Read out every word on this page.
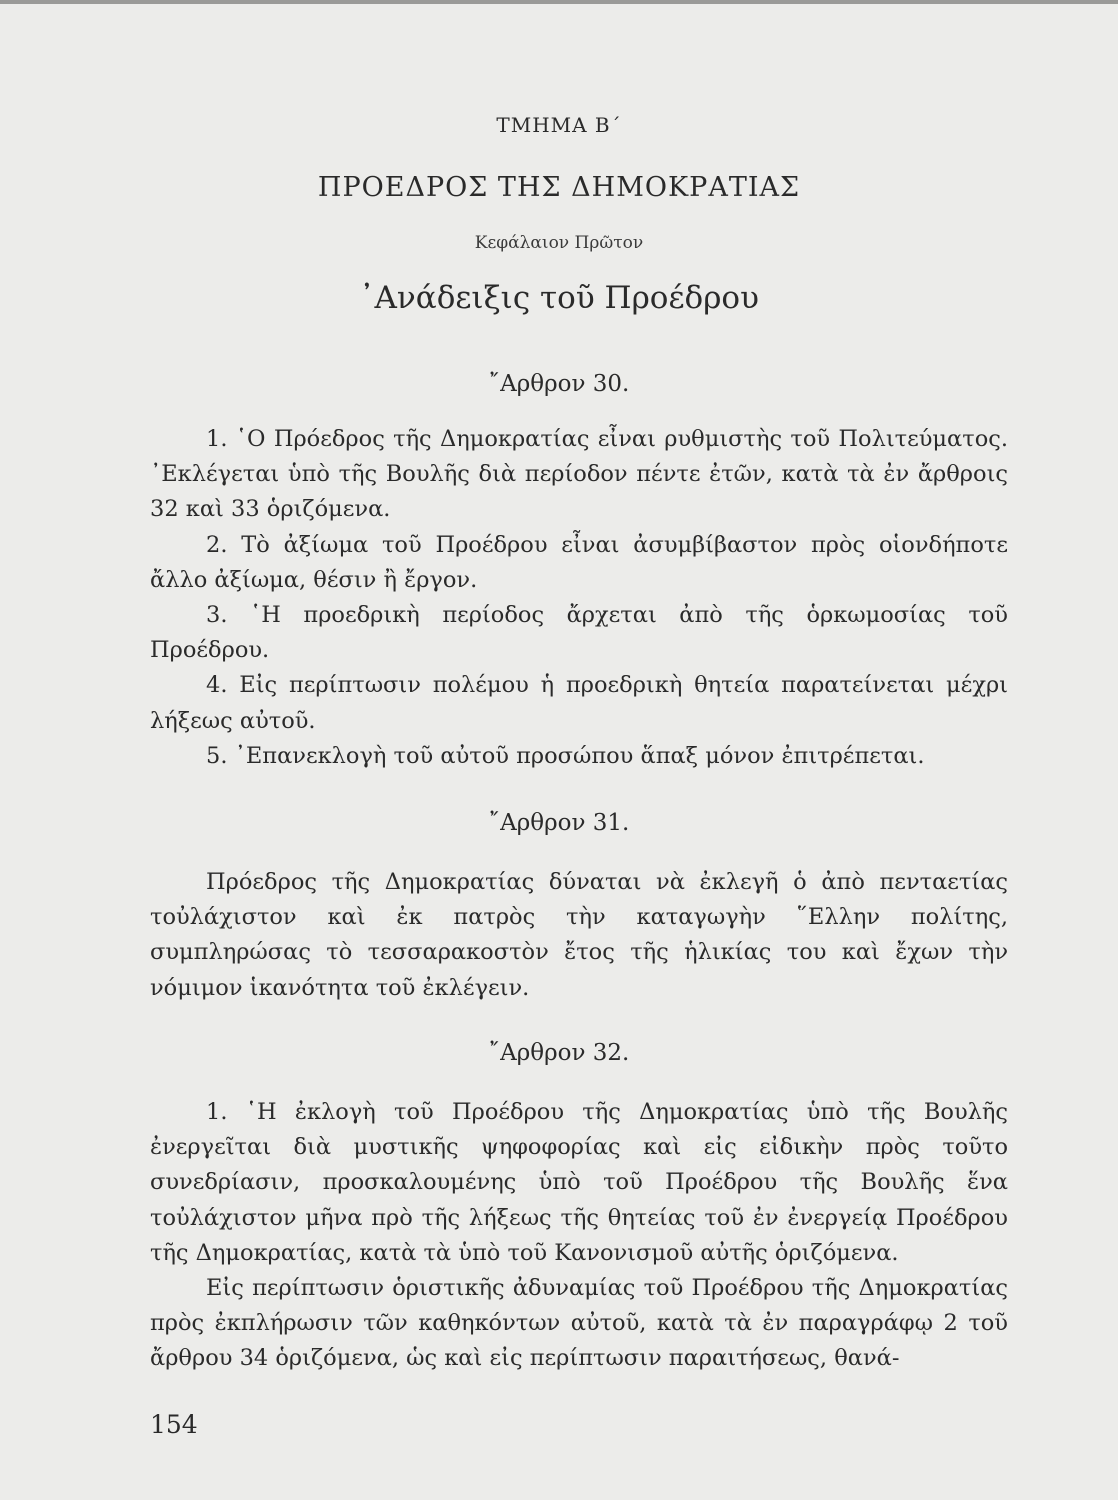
ΤΜΗΜΑ Β΄
ΠΡΟΕΔΡΟΣ ΤΗΣ ΔΗΜΟΚΡΑΤΙΑΣ
Κεφάλαιον Πρῶτον
᾿Ανάδειξις τοῦ Προέδρου
῎Αρθρον 30.

1. ῾Ο Πρόεδρος τῆς Δημοκρατίας εἶναι ρυθμιστὴς τοῦ Πολιτεύματος. ᾿Εκλέγεται ὑπὸ τῆς Βουλῆς διὰ περίοδον πέντε ἐτῶν, κατὰ τὰ ἐν ἄρθροις 32 καὶ 33 ὁριζόμενα.

2. Τὸ ἀξίωμα τοῦ Προέδρου εἶναι ἀσυμβίβαστον πρὸς οἱονδήποτε ἄλλο ἀξίωμα, θέσιν ἢ ἔργον.

3. ῾Η προεδρικὴ περίοδος ἄρχεται ἀπὸ τῆς ὁρκωμοσίας τοῦ Προέδρου.

4. Εἰς περίπτωσιν πολέμου ἡ προεδρικὴ θητεία παρατείνεται μέχρι λήξεως αὐτοῦ.

5. ᾿Επανεκλογὴ τοῦ αὐτοῦ προσώπου ἅπαξ μόνον ἐπιτρέπεται.

῎Αρθρον 31.

Πρόεδρος τῆς Δημοκρατίας δύναται νὰ ἐκλεγῆ ὁ ἀπὸ πενταετίας τοὐλάχιστον καὶ ἐκ πατρὸς τὴν καταγωγὴν ῞Ελλην πολίτης, συμπληρώσας τὸ τεσσαρακοστὸν ἔτος τῆς ἡλικίας του καὶ ἔχων τὴν νόμιμον ἱκανότητα τοῦ ἐκλέγειν.

῎Αρθρον 32.

1. ῾Η ἐκλογὴ τοῦ Προέδρου τῆς Δημοκρατίας ὑπὸ τῆς Βουλῆς ἐνεργεῖται διὰ μυστικῆς ψηφοφορίας καὶ εἰς εἰδικὴν πρὸς τοῦτο συνεδρίασιν, προσκαλουμένης ὑπὸ τοῦ Προέδρου τῆς Βουλῆς ἕνα τοὐλάχιστον μῆνα πρὸ τῆς λήξεως τῆς θητείας τοῦ ἐν ἐνεργείᾳ Προέδρου τῆς Δημοκρατίας, κατὰ τὰ ὑπὸ τοῦ Κανονισμοῦ αὐτῆς ὁριζόμενα.

Εἰς περίπτωσιν ὁριστικῆς ἀδυναμίας τοῦ Προέδρου τῆς Δημοκρατίας πρὸς ἐκπλήρωσιν τῶν καθηκόντων αὐτοῦ, κατὰ τὰ ἐν παραγράφῳ 2 τοῦ ἄρθρου 34 ὁριζόμενα, ὡς καὶ εἰς περίπτωσιν παραιτήσεως, θανά-

154
